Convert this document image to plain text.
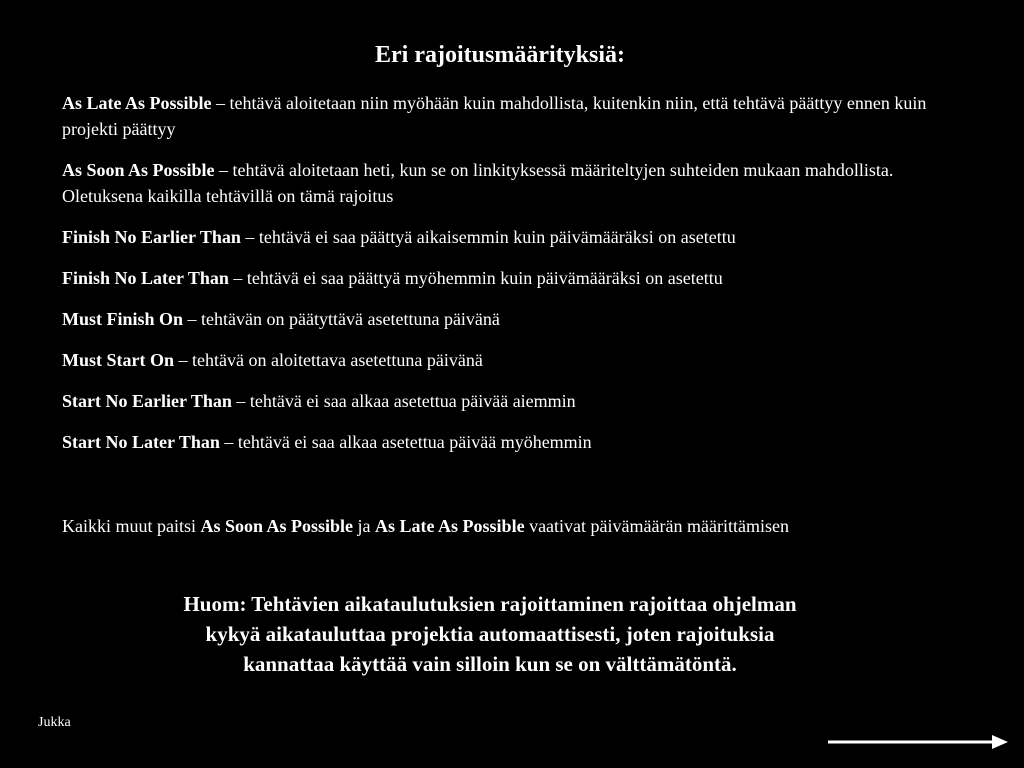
Eri rajoitusmäärityksiä:

As Late As Possible – tehtävä aloitetaan niin myöhään kuin mahdollista, kuitenkin niin, että tehtävä päättyy ennen kuin projekti päättyy

As Soon As Possible – tehtävä aloitetaan heti, kun se on linkityksessä määriteltyjen suhteiden mukaan mahdollista. Oletuksena kaikilla tehtävillä on tämä rajoitus

Finish No Earlier Than – tehtävä ei saa päättyä aikaisemmin kuin päivämääräksi on asetettu

Finish No Later Than – tehtävä ei saa päättyä myöhemmin kuin päivämääräksi on asetettu

Must Finish On – tehtävän on päätyttävä asetettuna päivänä

Must Start On – tehtävä on aloitettava asetettuna päivänä

Start No Earlier Than – tehtävä ei saa alkaa asetettua päivää aiemmin

Start No Later Than – tehtävä ei saa alkaa asetettua päivää myöhemmin

Kaikki muut paitsi As Soon As Possible ja As Late As Possible vaativat päivämäärän määrittämisen

Huom: Tehtävien aikataulutuksien rajoittaminen rajoittaa ohjelman kykyä aikatauluttaa projektia automaattisesti, joten rajoituksia kannattaa käyttää vain silloin kun se on välttämätöntä.

Jukka
